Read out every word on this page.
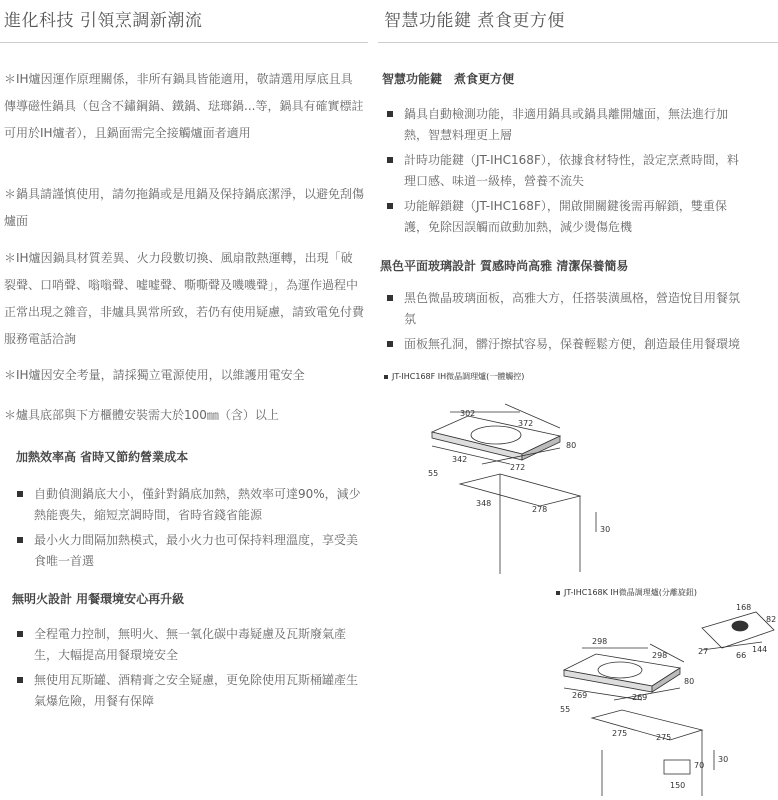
進化科技 引領烹調新潮流

＊IH爐因運作原理關係，非所有鍋具皆能適用，敬請選用厚底且具傳導磁性鍋具（包含不鏽鋼鍋、鐵鍋、琺瑯鍋...等，鍋具有確實標註可用於IH爐者），且鍋面需完全接觸爐面者適用

＊鍋具請謹慎使用，請勿拖鍋或是甩鍋及保持鍋底潔淨，以避免刮傷爐面

＊IH爐因鍋具材質差異、火力段數切換、風扇散熱運轉，出現「破裂聲、口哨聲、嗡嗡聲、嘘嘘聲、嘶嘶聲及嘰嘰聲」，為運作過程中正常出現之雜音，非爐具異常所致，若仍有使用疑慮，請致電免付費服務電話洽詢

＊IH爐因安全考量，請採獨立電源使用，以維護用電安全

＊爐具底部與下方櫃體安裝需大於100㎜（含）以上

加熱效率高 省時又節約營業成本
自動偵測鍋底大小，僅針對鍋底加熱，熱效率可達90%，減少熱能喪失，縮短烹調時間，省時省錢省能源
最小火力間隔加熱模式，最小火力也可保持料理溫度，享受美食唯一首選
無明火設計 用餐環境安心再升級
全程電力控制，無明火、無一氧化碳中毒疑慮及瓦斯廢氣產生，大幅提高用餐環境安全
無使用瓦斯罐、酒精膏之安全疑慮，更免除使用瓦斯桶罐產生氣爆危險，用餐有保障
智慧功能鍵 煮食更方便
智慧功能鍵　煮食更方便
鍋具自動檢測功能，非適用鍋具或鍋具離開爐面，無法進行加熱，智慧料理更上層
計時功能鍵（JT-IHC168F），依據食材特性，設定烹煮時間，料理口感、味道一級棒，營養不流失
功能解鎖鍵（JT-IHC168F），開啟開關鍵後需再解鎖，雙重保護，免除因誤觸而啟動加熱，減少燙傷危機
黑色平面玻璃設計 質感時尚高雅 清潔保養簡易
黑色微晶玻璃面板，高雅大方，任搭裝潢風格，營造悅目用餐氛氛
面板無孔洞，髒汙擦拭容易，保養輕鬆方便，創造最佳用餐環境
JT-IHC168F IH微晶調理爐(一體觸控)
302
372
342
272
80
55
348
278
30
JT-IHC168K IH微晶調理爐(分離旋鈕)
168
82
27	66
144
298
298
80
269	269
55
275	275
70
30
150
